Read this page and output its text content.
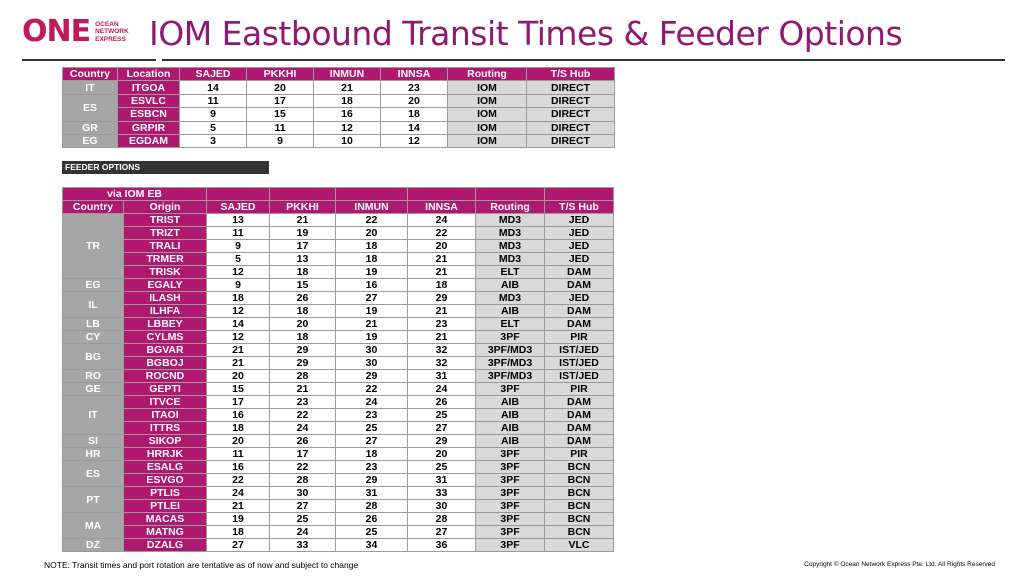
ONE OCEAN
NETWORK
EXPRESS IOM Eastbound Transit Times & Feeder Options
Country	Location	SAJED	PKKHI	INMUN	INNSA	Routing	T/S Hub
IT	ITGOA	14	20	21	23	IOM	DIRECT
ES	ESVLC	11	17	18	20	IOM	DIRECT
	ESBCN	9	15	16	18	IOM	DIRECT
GR	GRPIR	5	11	12	14	IOM	DIRECT
EG	EGDAM	3	9	10	12	IOM	DIRECT
FEEDER OPTIONS
via IOM EB							
Country	Origin	SAJED	PKKHI	INMUN	INNSA	Routing	T/S Hub
TR	TRIST	13	21	22	24	MD3	JED
	TRIZT	11	19	20	22	MD3	JED
	TRALI	9	17	18	20	MD3	JED
	TRMER	5	13	18	21	MD3	JED
	TRISK	12	18	19	21	ELT	DAM
EG	EGALY	9	15	16	18	AIB	DAM
IL	ILASH	18	26	27	29	MD3	JED
	ILHFA	12	18	19	21	AIB	DAM
LB	LBBEY	14	20	21	23	ELT	DAM
CY	CYLMS	12	18	19	21	3PF	PIR
BG	BGVAR	21	29	30	32	3PF/MD3	IST/JED
	BGBOJ	21	29	30	32	3PF/MD3	IST/JED
RO	ROCND	20	28	29	31	3PF/MD3	IST/JED
GE	GEPTI	15	21	22	24	3PF	PIR
IT	ITVCE	17	23	24	26	AIB	DAM
	ITAOI	16	22	23	25	AIB	DAM
	ITTRS	18	24	25	27	AIB	DAM
SI	SIKOP	20	26	27	29	AIB	DAM
HR	HRRJK	11	17	18	20	3PF	PIR
ES	ESALG	16	22	23	25	3PF	BCN
	ESVGO	22	28	29	31	3PF	BCN
PT	PTLIS	24	30	31	33	3PF	BCN
	PTLEI	21	27	28	30	3PF	BCN
MA	MACAS	19	25	26	28	3PF	BCN
	MATNG	18	24	25	27	3PF	BCN
DZ	DZALG	27	33	34	36	3PF	VLC
NOTE: Transit times and port rotation are tentative as of now and subject to change	Copyright © Ocean Network Express Pte. Ltd. All Rights Reserved
